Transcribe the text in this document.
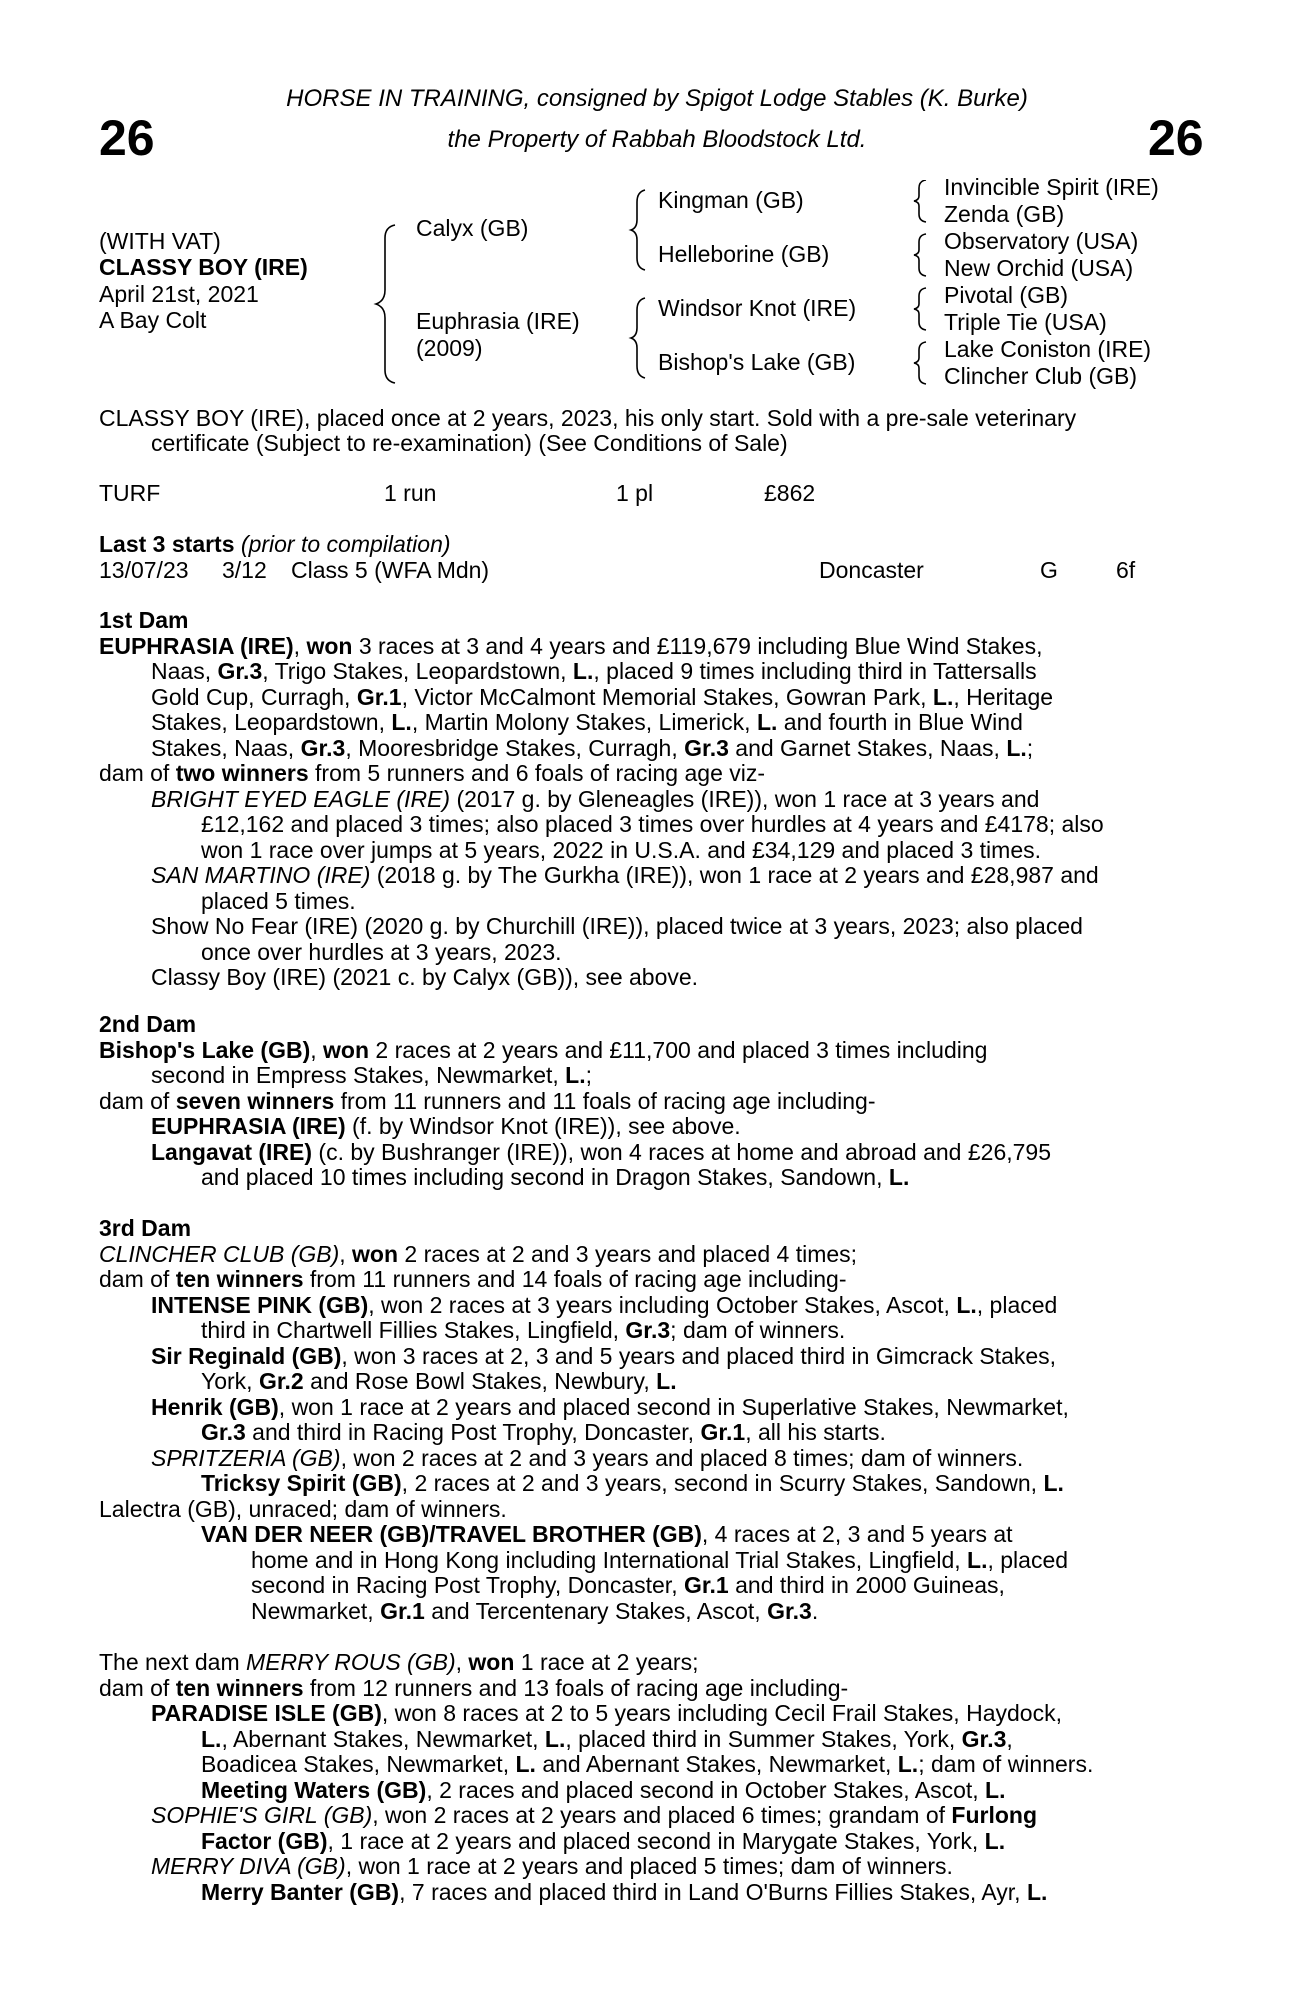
26	26
HORSE IN TRAINING, consigned by Spigot Lodge Stables (K. Burke)
the Property of Rabbah Bloodstock Ltd.
(WITH VAT)
CLASSY BOY (IRE)
April 21st, 2021
A Bay Colt
Calyx (GB)
Euphrasia (IRE)
(2009)
Kingman (GB)
Helleborine (GB)
Windsor Knot (IRE)
Bishop's Lake (GB)
Invincible Spirit (IRE)
Zenda (GB)
Observatory (USA)
New Orchid (USA)
Pivotal (GB)
Triple Tie (USA)
Lake Coniston (IRE)
Clincher Club (GB)
CLASSY BOY (IRE), placed once at 2 years, 2023, his only start. Sold with a pre-sale veterinary
certificate (Subject to re-examination) (See Conditions of Sale)
TURF	1 run	1 pl	£862
Last 3 starts (prior to compilation)
13/07/23 3/12 Class 5 (WFA Mdn)	Doncaster	G	6f
1st Dam
EUPHRASIA (IRE), won 3 races at 3 and 4 years and £119,679 including Blue Wind Stakes,
Naas, Gr.3, Trigo Stakes, Leopardstown, L., placed 9 times including third in Tattersalls
Gold Cup, Curragh, Gr.1, Victor McCalmont Memorial Stakes, Gowran Park, L., Heritage
Stakes, Leopardstown, L., Martin Molony Stakes, Limerick, L. and fourth in Blue Wind
Stakes, Naas, Gr.3, Mooresbridge Stakes, Curragh, Gr.3 and Garnet Stakes, Naas, L.;
dam of two winners from 5 runners and 6 foals of racing age viz-
BRIGHT EYED EAGLE (IRE) (2017 g. by Gleneagles (IRE)), won 1 race at 3 years and
£12,162 and placed 3 times; also placed 3 times over hurdles at 4 years and £4178; also
won 1 race over jumps at 5 years, 2022 in U.S.A. and £34,129 and placed 3 times.
SAN MARTINO (IRE) (2018 g. by The Gurkha (IRE)), won 1 race at 2 years and £28,987 and
placed 5 times.
Show No Fear (IRE) (2020 g. by Churchill (IRE)), placed twice at 3 years, 2023; also placed
once over hurdles at 3 years, 2023.
Classy Boy (IRE) (2021 c. by Calyx (GB)), see above.
2nd Dam
Bishop's Lake (GB), won 2 races at 2 years and £11,700 and placed 3 times including
second in Empress Stakes, Newmarket, L.;
dam of seven winners from 11 runners and 11 foals of racing age including-
EUPHRASIA (IRE) (f. by Windsor Knot (IRE)), see above.
Langavat (IRE) (c. by Bushranger (IRE)), won 4 races at home and abroad and £26,795
and placed 10 times including second in Dragon Stakes, Sandown, L.
3rd Dam
CLINCHER CLUB (GB), won 2 races at 2 and 3 years and placed 4 times;
dam of ten winners from 11 runners and 14 foals of racing age including-
INTENSE PINK (GB), won 2 races at 3 years including October Stakes, Ascot, L., placed
third in Chartwell Fillies Stakes, Lingfield, Gr.3; dam of winners.
Sir Reginald (GB), won 3 races at 2, 3 and 5 years and placed third in Gimcrack Stakes,
York, Gr.2 and Rose Bowl Stakes, Newbury, L.
Henrik (GB), won 1 race at 2 years and placed second in Superlative Stakes, Newmarket,
Gr.3 and third in Racing Post Trophy, Doncaster, Gr.1, all his starts.
SPRITZERIA (GB), won 2 races at 2 and 3 years and placed 8 times; dam of winners.
Tricksy Spirit (GB), 2 races at 2 and 3 years, second in Scurry Stakes, Sandown, L.
Lalectra (GB), unraced; dam of winners.
VAN DER NEER (GB)/TRAVEL BROTHER (GB), 4 races at 2, 3 and 5 years at
home and in Hong Kong including International Trial Stakes, Lingfield, L., placed
second in Racing Post Trophy, Doncaster, Gr.1 and third in 2000 Guineas,
Newmarket, Gr.1 and Tercentenary Stakes, Ascot, Gr.3.
The next dam MERRY ROUS (GB), won 1 race at 2 years;
dam of ten winners from 12 runners and 13 foals of racing age including-
PARADISE ISLE (GB), won 8 races at 2 to 5 years including Cecil Frail Stakes, Haydock,
L., Abernant Stakes, Newmarket, L., placed third in Summer Stakes, York, Gr.3,
Boadicea Stakes, Newmarket, L. and Abernant Stakes, Newmarket, L.; dam of winners.
Meeting Waters (GB), 2 races and placed second in October Stakes, Ascot, L.
SOPHIE'S GIRL (GB), won 2 races at 2 years and placed 6 times; grandam of Furlong
Factor (GB), 1 race at 2 years and placed second in Marygate Stakes, York, L.
MERRY DIVA (GB), won 1 race at 2 years and placed 5 times; dam of winners.
Merry Banter (GB), 7 races and placed third in Land O'Burns Fillies Stakes, Ayr, L.
